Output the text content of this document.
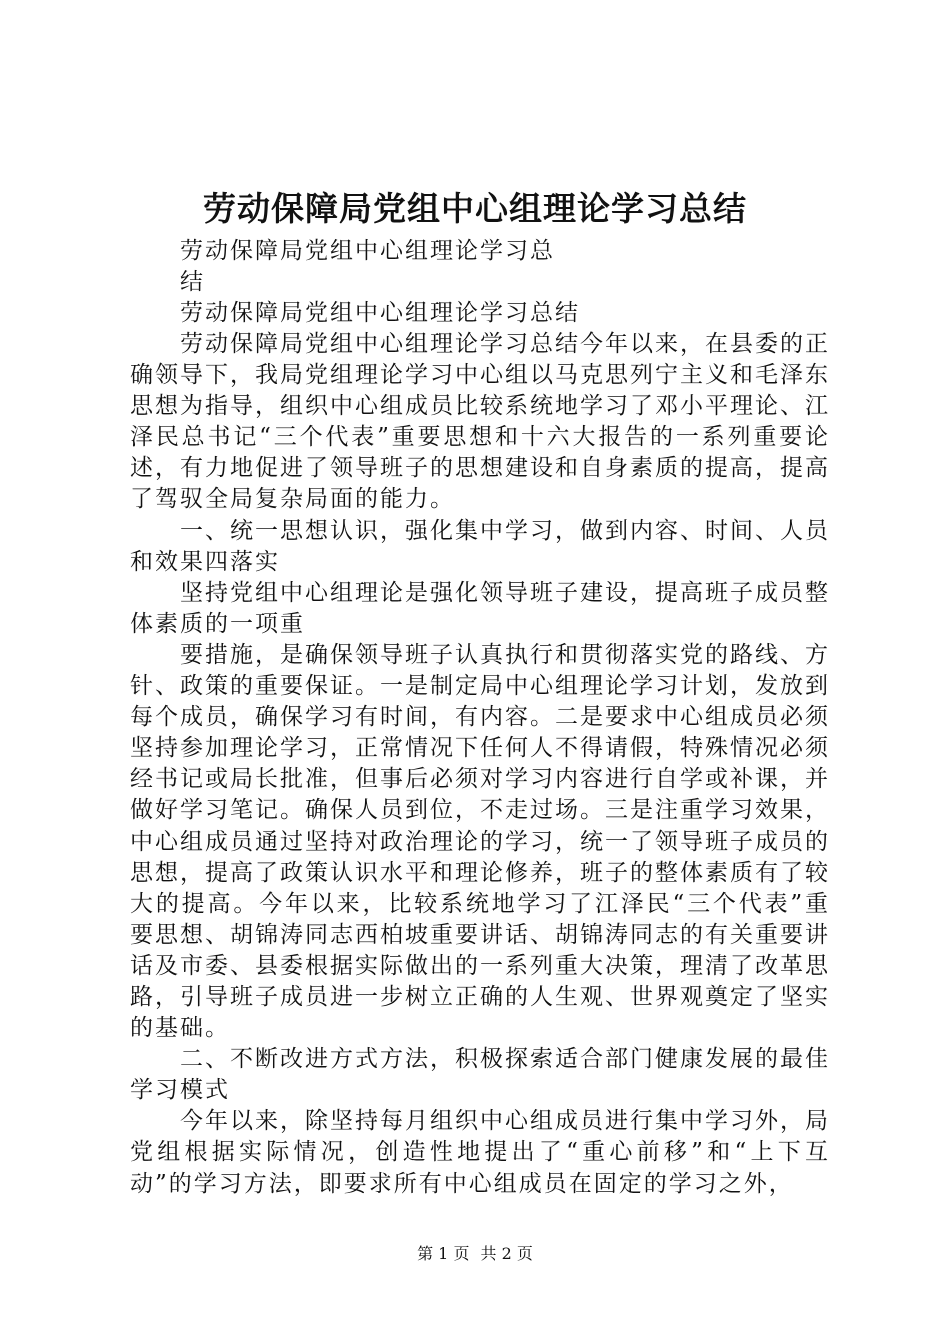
劳动保障局党组中心组理论学习总结

劳动保障局党组中心组理论学习总结

劳动保障局党组中心组理论学习总结

劳动保障局党组中心组理论学习总结今年以来，在县委的正确领导下，我局党组理论学习中心组以马克思列宁主义和毛泽东思想为指导，组织中心组成员比较系统地学习了邓小平理论、江泽民总书记“三个代表”重要思想和十六大报告的一系列重要论述，有力地促进了领导班子的思想建设和自身素质的提高，提高了驾驭全局复杂局面的能力。

一、统一思想认识，强化集中学习，做到内容、时间、人员和效果四落实

坚持党组中心组理论是强化领导班子建设，提高班子成员整体素质的一项重

要措施，是确保领导班子认真执行和贯彻落实党的路线、方针、政策的重要保证。一是制定局中心组理论学习计划，发放到每个成员，确保学习有时间，有内容。二是要求中心组成员必须坚持参加理论学习，正常情况下任何人不得请假，特殊情况必须经书记或局长批准，但事后必须对学习内容进行自学或补课，并做好学习笔记。确保人员到位，不走过场。三是注重学习效果，中心组成员通过坚持对政治理论的学习，统一了领导班子成员的思想，提高了政策认识水平和理论修养，班子的整体素质有了较大的提高。今年以来，比较系统地学习了江泽民“三个代表”重要思想、胡锦涛同志西柏坡重要讲话、胡锦涛同志的有关重要讲话及市委、县委根据实际做出的一系列重大决策，理清了改革思路，引导班子成员进一步树立正确的人生观、世界观奠定了坚实的基础。

二、不断改进方式方法，积极探索适合部门健康发展的最佳学习模式

今年以来，除坚持每月组织中心组成员进行集中学习外，局党组根据实际情况，创造性地提出了“重心前移”和“上下互动”的学习方法，即要求所有中心组成员在固定的学习之外，

第 1 页 共 2 页
